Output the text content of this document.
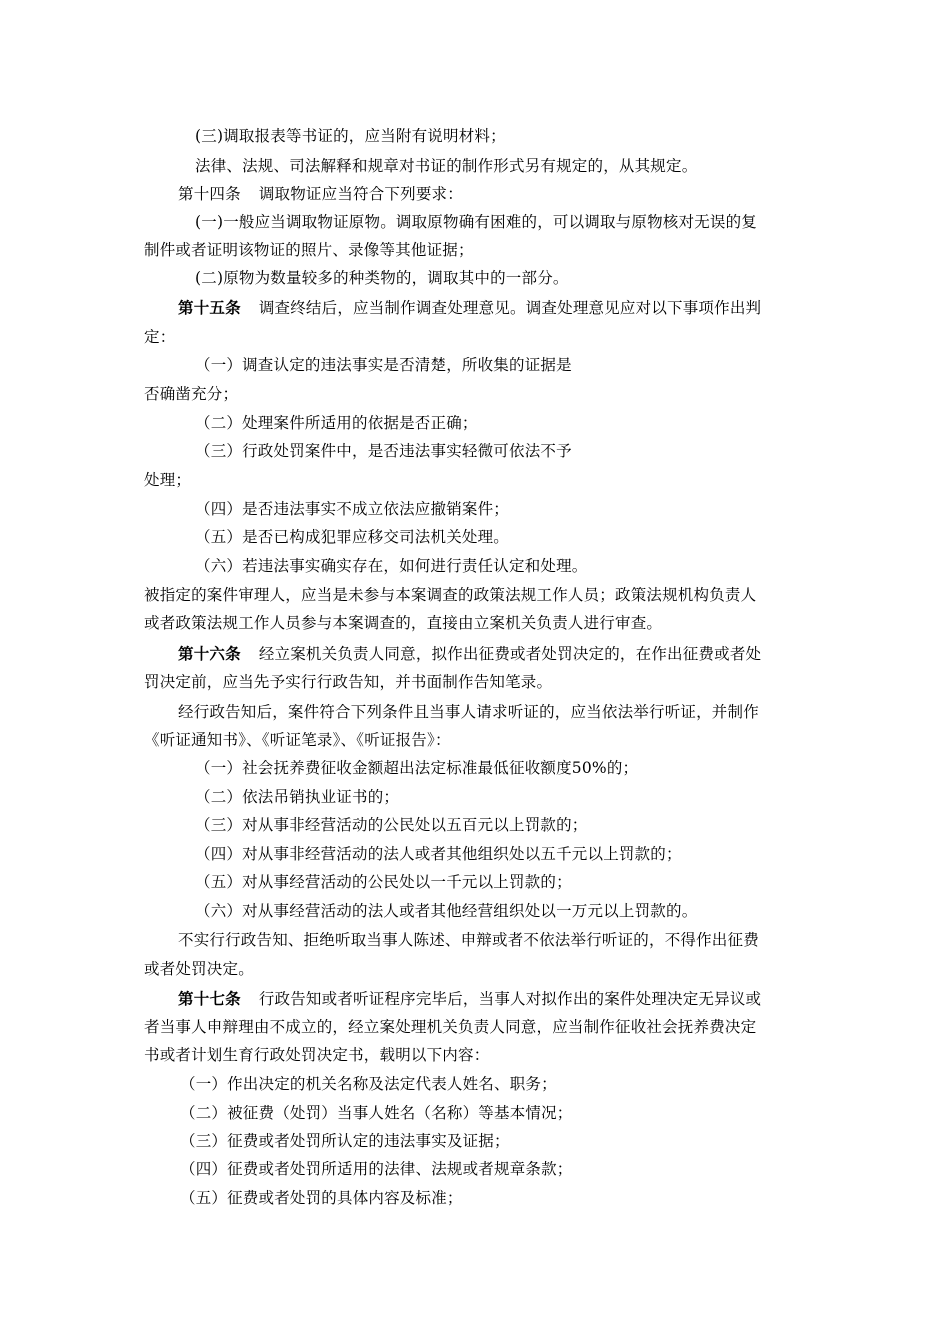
(三)调取报表等书证的，应当附有说明材料；
法律、法规、司法解释和规章对书证的制作形式另有规定的，从其规定。
第十四条 调取物证应当符合下列要求：
(一)一般应当调取物证原物。调取原物确有困难的，可以调取与原物核对无误的复
制件或者证明该物证的照片、录像等其他证据；
(二)原物为数量较多的种类物的，调取其中的一部分。
第十五条 调查终结后，应当制作调查处理意见。调查处理意见应对以下事项作出判
定：
（一）调查认定的违法事实是否清楚，所收集的证据是
否确凿充分；
（二）处理案件所适用的依据是否正确；
（三）行政处罚案件中，是否违法事实轻微可依法不予
处理；
（四）是否违法事实不成立依法应撤销案件；
（五）是否已构成犯罪应移交司法机关处理。
（六）若违法事实确实存在，如何进行责任认定和处理。
被指定的案件审理人，应当是未参与本案调查的政策法规工作人员；政策法规机构负责人
或者政策法规工作人员参与本案调查的，直接由立案机关负责人进行审查。
第十六条 经立案机关负责人同意，拟作出征费或者处罚决定的，在作出征费或者处
罚决定前，应当先予实行行政告知，并书面制作告知笔录。
经行政告知后，案件符合下列条件且当事人请求听证的，应当依法举行听证，并制作
《听证通知书》、《听证笔录》、《听证报告》：
（一）社会抚养费征收金额超出法定标准最低征收额度50%的；
（二）依法吊销执业证书的；
（三）对从事非经营活动的公民处以五百元以上罚款的；
（四）对从事非经营活动的法人或者其他组织处以五千元以上罚款的；
（五）对从事经营活动的公民处以一千元以上罚款的；
（六）对从事经营活动的法人或者其他经营组织处以一万元以上罚款的。
不实行行政告知、拒绝听取当事人陈述、申辩或者不依法举行听证的，不得作出征费
或者处罚决定。
第十七条 行政告知或者听证程序完毕后，当事人对拟作出的案件处理决定无异议或
者当事人申辩理由不成立的，经立案处理机关负责人同意，应当制作征收社会抚养费决定
书或者计划生育行政处罚决定书，载明以下内容：
（一）作出决定的机关名称及法定代表人姓名、职务；
（二）被征费（处罚）当事人姓名（名称）等基本情况；
（三）征费或者处罚所认定的违法事实及证据；
（四）征费或者处罚所适用的法律、法规或者规章条款；
（五）征费或者处罚的具体内容及标准；
